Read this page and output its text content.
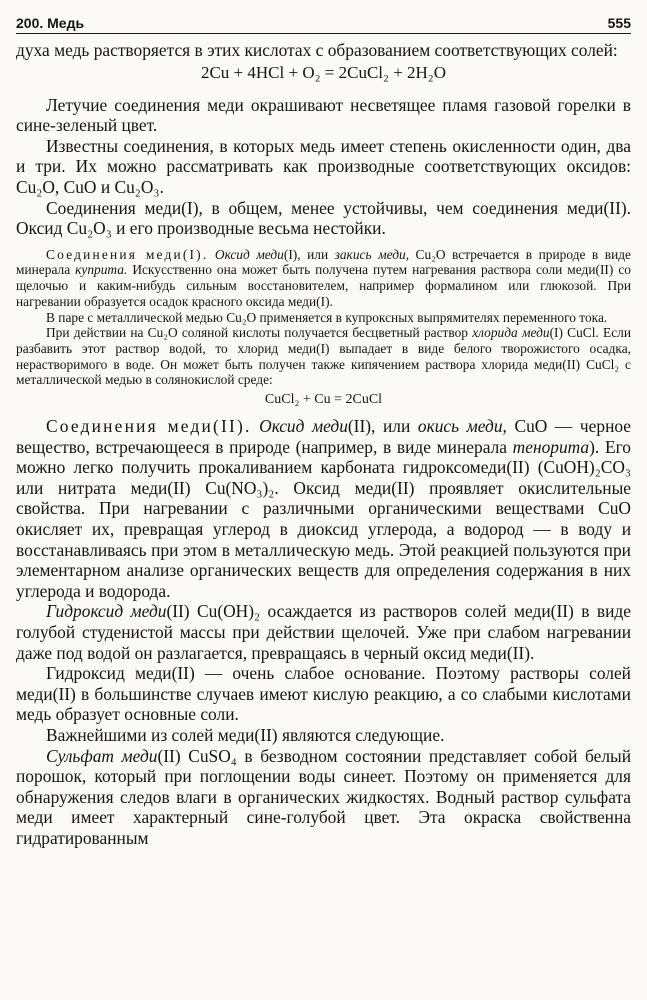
200. Медь	555

духа медь растворяется в этих кислотах с образованием соответствующих солей:

2Cu + 4HCl + O₂ = 2CuCl₂ + 2H₂O

Летучие соединения меди окрашивают несветящее пламя газовой горелки в сине-зеленый цвет.

Известны соединения, в которых медь имеет степень окисленности один, два и три. Их можно рассматривать как производные соответствующих оксидов: Cu₂O, CuO и Cu₂O₃.

Соединения меди(I), в общем, менее устойчивы, чем соединения меди(II). Оксид Cu₂O₃ и его производные весьма нестойки.

Соединения меди(I). Оксид меди(I), или закись меди, Cu₂O встречается в природе в виде минерала куприта. Искусственно она может быть получена путем нагревания раствора соли меди(II) со щелочью и каким-нибудь сильным восстановителем, например формалином или глюкозой. При нагревании образуется осадок красного оксида меди(I).

В паре с металлической медью Cu₂O применяется в купроксных выпрямителях переменного тока.

При действии на Cu₂O соляной кислоты получается бесцветный раствор хлорида меди(I) CuCl. Если разбавить этот раствор водой, то хлорид меди(I) выпадает в виде белого творожистого осадка, нерастворимого в воде. Он может быть получен также кипячением раствора хлорида меди(II) CuCl₂ с металлической медью в солянокислой среде:

CuCl₂ + Cu = 2CuCl

Соединения меди(II). Оксид меди(II), или окись меди, CuO — черное вещество, встречающееся в природе (например, в виде минерала тенорита). Его можно легко получить прокаливанием карбоната гидроксомеди(II) (CuOH)₂CO₃ или нитрата меди(II) Cu(NO₃)₂. Оксид меди(II) проявляет окислительные свойства. При нагревании с различными органическими веществами CuO окисляет их, превращая углерод в диоксид углерода, а водород — в воду и восстанавливаясь при этом в металлическую медь. Этой реакцией пользуются при элементарном анализе органических веществ для определения содержания в них углерода и водорода.

Гидроксид меди(II) Cu(OH)₂ осаждается из растворов солей меди(II) в виде голубой студенистой массы при действии щелочей. Уже при слабом нагревании даже под водой он разлагается, превращаясь в черный оксид меди(II).

Гидроксид меди(II) — очень слабое основание. Поэтому растворы солей меди(II) в большинстве случаев имеют кислую реакцию, а со слабыми кислотами медь образует основные соли.

Важнейшими из солей меди(II) являются следующие.

Сульфат меди(II) CuSO₄ в безводном состоянии представляет собой белый порошок, который при поглощении воды синеет. Поэтому он применяется для обнаружения следов влаги в органических жидкостях. Водный раствор сульфата меди имеет характерный сине-голубой цвет. Эта окраска свойственна гидратированным
